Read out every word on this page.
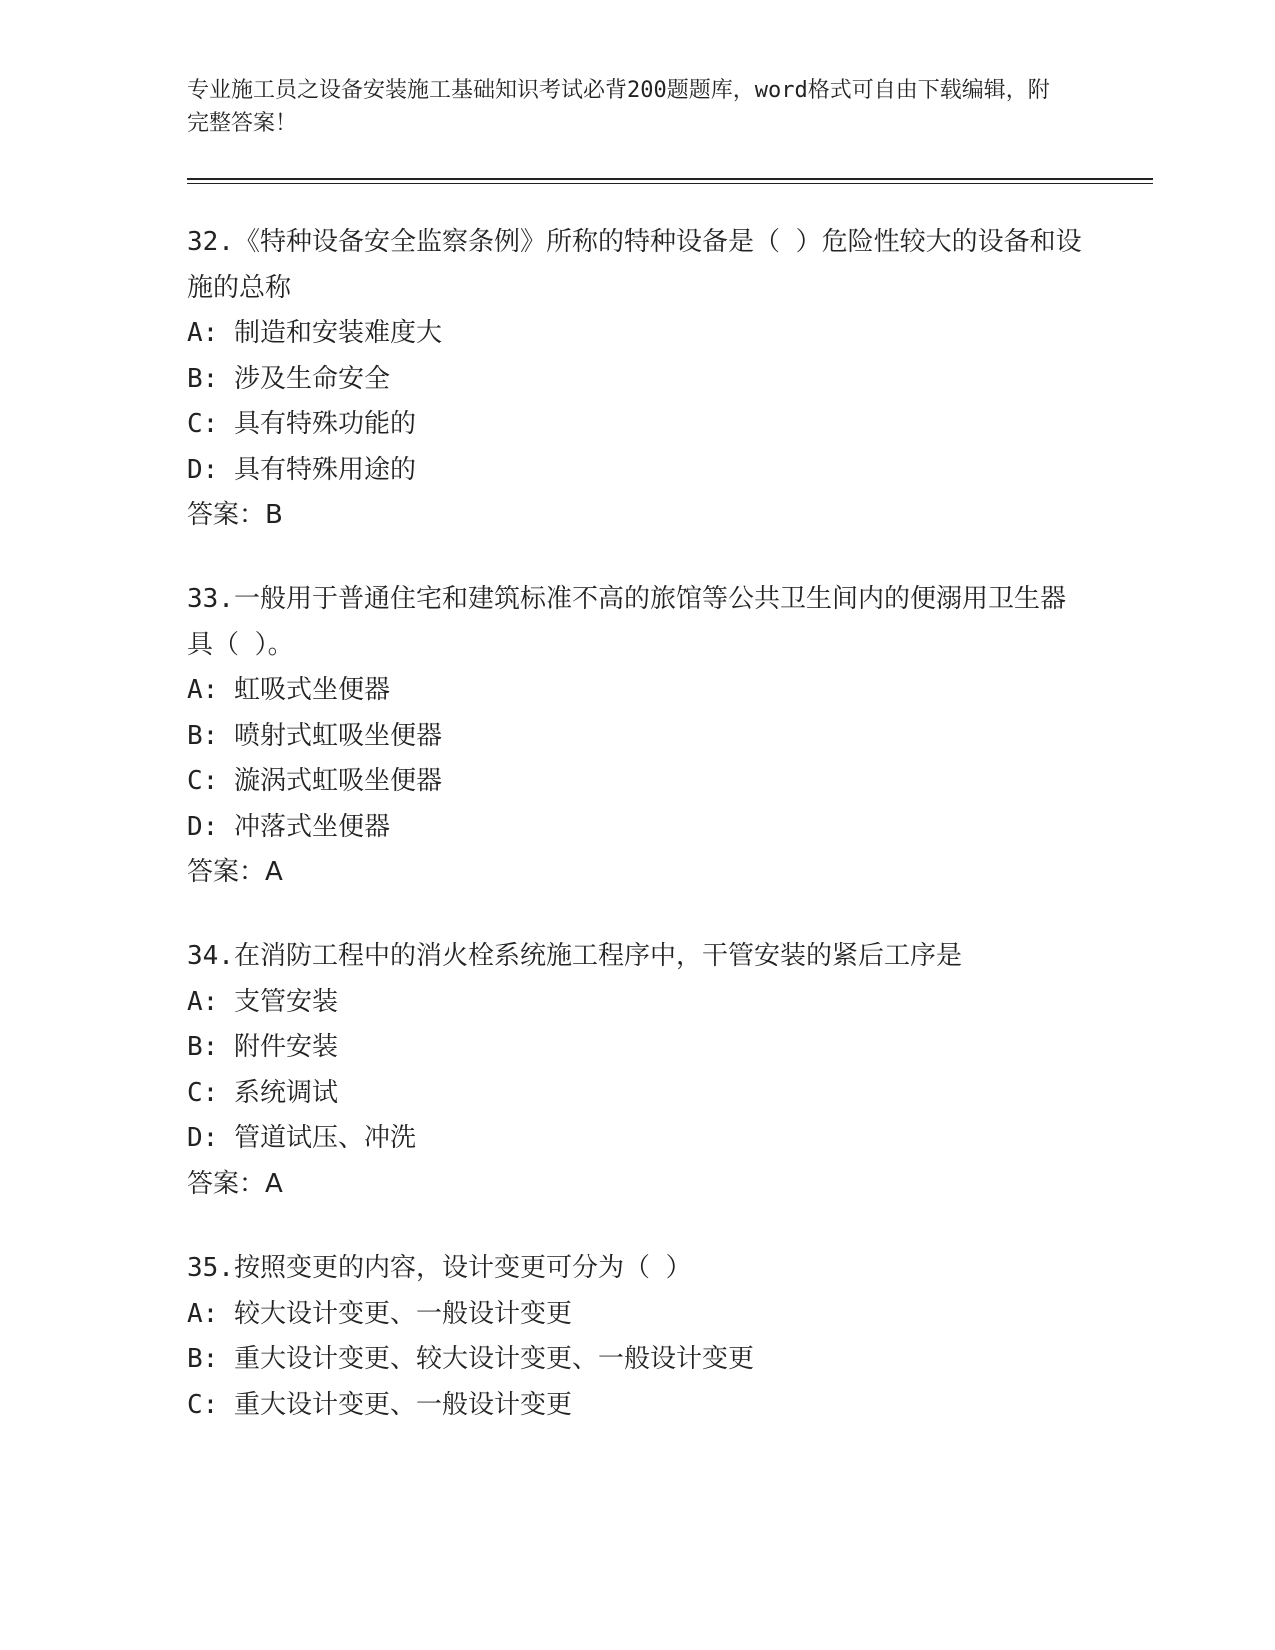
专业施工员之设备安装施工基础知识考试必背200题题库，word格式可自由下载编辑，附完整答案！
32.《特种设备安全监察条例》所称的特种设备是（ ）危险性较大的设备和设施的总称
A: 制造和安装难度大
B: 涉及生命安全
C: 具有特殊功能的
D: 具有特殊用途的
答案：B
33.一般用于普通住宅和建筑标准不高的旅馆等公共卫生间内的便溺用卫生器具（ ）。
A: 虹吸式坐便器
B: 喷射式虹吸坐便器
C: 漩涡式虹吸坐便器
D: 冲落式坐便器
答案：A
34.在消防工程中的消火栓系统施工程序中，干管安装的紧后工序是
A: 支管安装
B: 附件安装
C: 系统调试
D: 管道试压、冲洗
答案：A
35.按照变更的内容，设计变更可分为（ ）
A: 较大设计变更、一般设计变更
B: 重大设计变更、较大设计变更、一般设计变更
C: 重大设计变更、一般设计变更
